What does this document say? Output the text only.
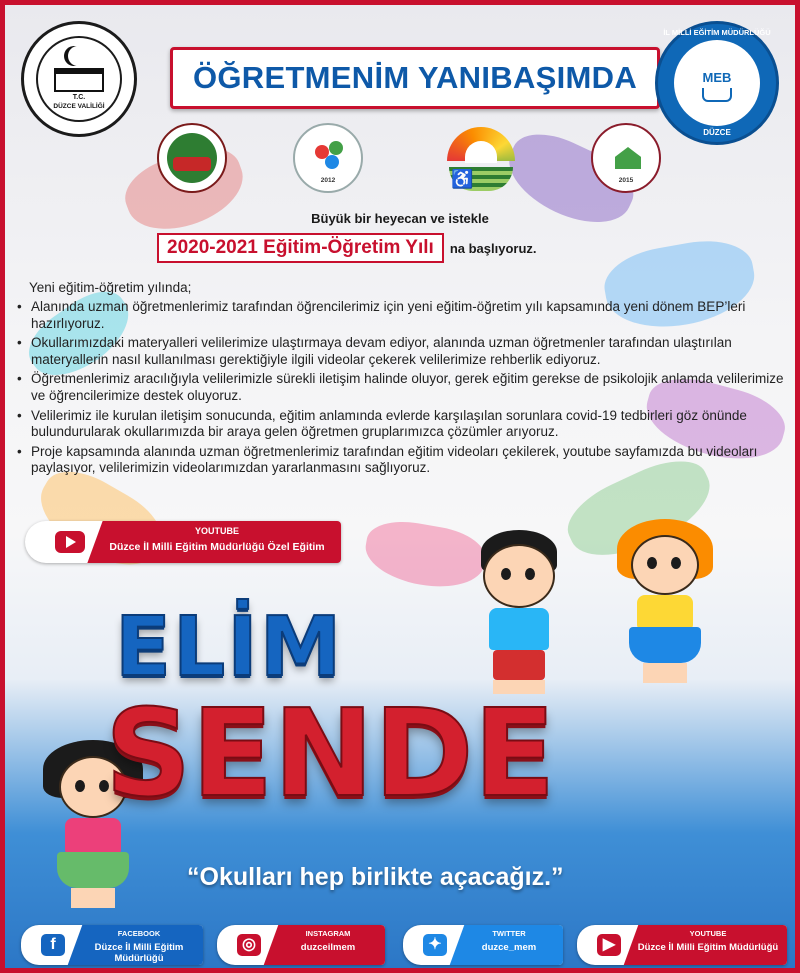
T.C.
DÜZCE VALİLİĞİ
ÖĞRETMENİM YANIBAŞIMDA
İL MİLLİ EĞİTİM MÜDÜRLÜĞÜ
MEB
DÜZCE
2012	♿	2015
Büyük bir heyecan ve istekle
2020-2021 Eğitim-Öğretim Yılı	na başlıyoruz.
Yeni eğitim-öğretim yılında;
• Alanında uzman öğretmenlerimiz tarafından öğrencilerimiz için yeni eğitim-öğretim yılı kapsamında yeni dönem BEP’leri hazırlıyoruz.
• Okullarımızdaki materyalleri velilerimize ulaştırmaya devam ediyor, alanında uzman öğretmenler tarafından ulaştırılan materyallerin nasıl kullanılması gerektiğiyle ilgili videolar çekerek velilerimize rehberlik ediyoruz.
• Öğretmenlerimiz aracılığıyla velilerimizle sürekli iletişim halinde oluyor, gerek eğitim gerekse de psikolojik anlamda velilerimize ve öğrencilerimize destek oluyoruz.
• Velilerimiz ile kurulan iletişim sonucunda, eğitim anlamında evlerde karşılaşılan sorunlara covid-19 tedbirleri göz önünde bulundurularak okullarımızda bir araya gelen öğretmen gruplarımızca çözümler arıyoruz.
• Proje kapsamında alanında uzman öğretmenlerimiz tarafından eğitim videoları çekilerek, youtube sayfamızda bu videoları paylaşıyor, velilerimizin videolarımızdan yararlanmasını sağlıyoruz.
YOUTUBE
Düzce İl Milli Eğitim Müdürlüğü Özel Eğitim
ELİM
SENDE
“Okulları hep birlikte açacağız.”
f
FACEBOOK
Düzce İl Milli Eğitim Müdürlüğü
◎
INSTAGRAM
duzceilmem	✦
TWITTER
duzce_mem	▶
YOUTUBE
Düzce İl Milli Eğitim Müdürlüğü
